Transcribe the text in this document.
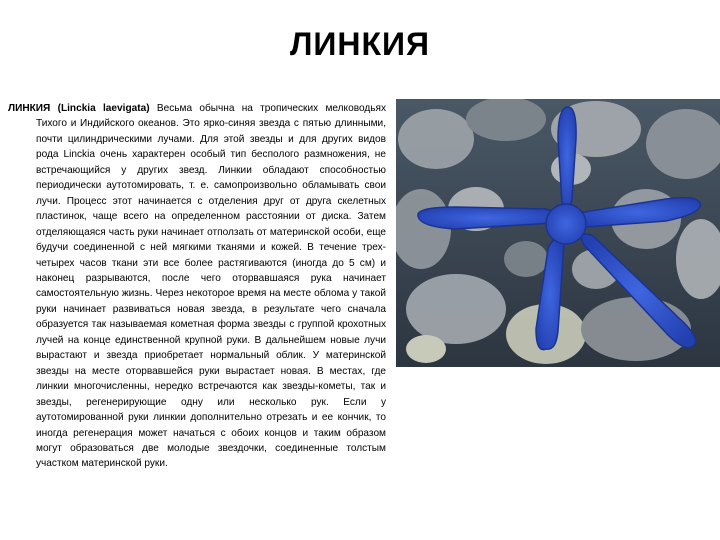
ЛИНКИЯ
ЛИНКИЯ (Linckia laevigata) Весьма обычна на тропических мелководьях Тихого и Индийского океанов. Это ярко-синяя звезда с пятью длинными, почти цилиндрическими лучами. Для этой звезды и для других видов рода Linckia очень характерен особый тип бесполого размножения, не встречающийся у других звезд. Линкии обладают способностью периодически аутотомировать, т. е. самопроизвольно обламывать свои лучи. Процесс этот начинается с отделения друг от друга скелетных пластинок, чаще всего на определенном расстоянии от диска. Затем отделяющаяся часть руки начинает отползать от материнской особи, еще будучи соединенной с ней мягкими тканями и кожей. В течение трех-четырех часов ткани эти все более растягиваются (иногда до 5 см) и наконец разрываются, после чего оторвавшаяся рука начинает самостоятельную жизнь. Через некоторое время на месте облома у такой руки начинает развиваться новая звезда, в результате чего сначала образуется так называемая кометная форма звезды с группой крохотных лучей на конце единственной крупной руки. В дальнейшем новые лучи вырастают и звезда приобретает нормальный облик. У материнской звезды на месте оторвавшейся руки вырастает новая. В местах, где линкии многочисленны, нередко встречаются как звезды-кометы, так и звезды, регенерирующие одну или несколько рук. Если у аутотомированной руки линкии дополнительно отрезать и ее кончик, то иногда регенерация может начаться с обоих концов и таким образом могут образоваться две молодые звездочки, соединенные толстым участком материнской руки.
